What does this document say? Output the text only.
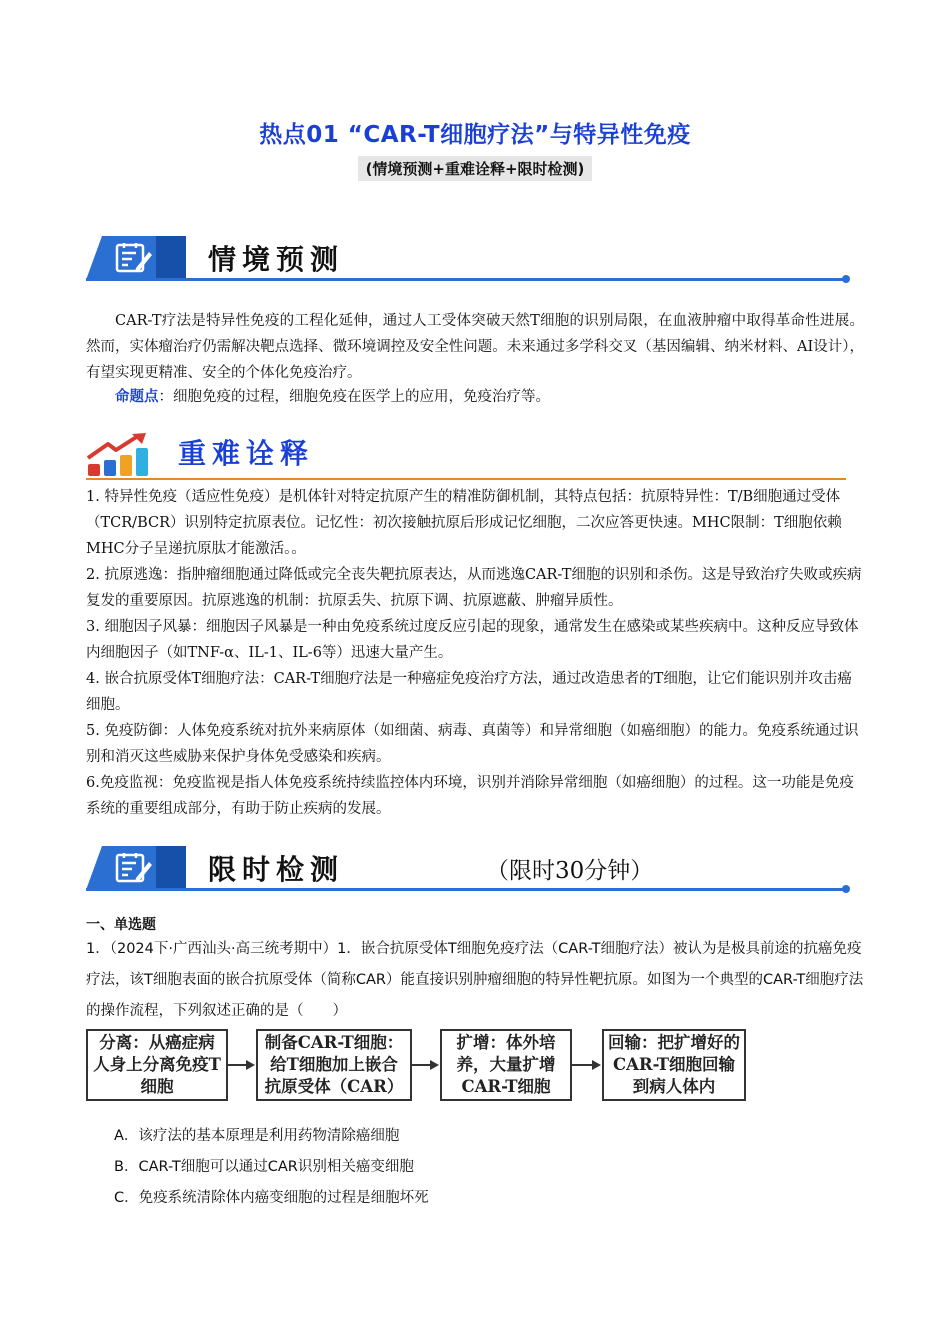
热点01 “CAR-T细胞疗法”与特异性免疫
(情境预测+重难诠释+限时检测)
情境预测
CAR-T疗法是特异性免疫的工程化延伸，通过人工受体突破天然T细胞的识别局限，在血液肿瘤中取得革命性进展。然而，实体瘤治疗仍需解决靶点选择、微环境调控及安全性问题。未来通过多学科交叉（基因编辑、纳米材料、AI设计），有望实现更精准、安全的个体化免疫治疗。
命题点：细胞免疫的过程，细胞免疫在医学上的应用，免疫治疗等。
重难诠释

1. 特异性免疫（适应性免疫）是机体针对特定抗原产生的精准防御机制，其特点包括：抗原特异性：T/B细胞通过受体（TCR/BCR）识别特定抗原表位。记忆性：初次接触抗原后形成记忆细胞，二次应答更快速。MHC限制：T细胞依赖MHC分子呈递抗原肽才能激活。。

2. 抗原逃逸：指肿瘤细胞通过降低或完全丧失靶抗原表达，从而逃逸CAR-T细胞的识别和杀伤。这是导致治疗失败或疾病复发的重要原因。抗原逃逸的机制：抗原丢失、抗原下调、抗原遮蔽、肿瘤异质性。

3. 细胞因子风暴：细胞因子风暴是一种由免疫系统过度反应引起的现象，通常发生在感染或某些疾病中。这种反应导致体内细胞因子（如TNF-α、IL-1、IL-6等）迅速大量产生。

4. 嵌合抗原受体T细胞疗法：CAR-T细胞疗法是一种癌症免疫治疗方法，通过改造患者的T细胞，让它们能识别并攻击癌细胞。

5. 免疫防御：人体免疫系统对抗外来病原体（如细菌、病毒、真菌等）和异常细胞（如癌细胞）的能力。免疫系统通过识别和消灭这些威胁来保护身体免受感染和疾病。

6.免疫监视：免疫监视是指人体免疫系统持续监控体内环境，识别并消除异常细胞（如癌细胞）的过程。这一功能是免疫系统的重要组成部分，有助于防止疾病的发展。

限时检测	（限时30分钟）
一、单选题
1．（2024下·广西汕头·高三统考期中）1．嵌合抗原受体T细胞免疫疗法（CAR-T细胞疗法）被认为是极具前途的抗癌免疫疗法，该T细胞表面的嵌合抗原受体（简称CAR）能直接识别肿瘤细胞的特异性靶抗原。如图为一个典型的CAR-T细胞疗法的操作流程，下列叙述正确的是（　　）
分离：从癌症病人身上分离免疫T细胞
制备CAR-T细胞：给T细胞加上嵌合抗原受体（CAR）
扩增：体外培养，大量扩增CAR-T细胞
回输：把扩增好的CAR-T细胞回输到病人体内
A．该疗法的基本原理是利用药物清除癌细胞
B．CAR-T细胞可以通过CAR识别相关癌变细胞
C．免疫系统清除体内癌变细胞的过程是细胞坏死
